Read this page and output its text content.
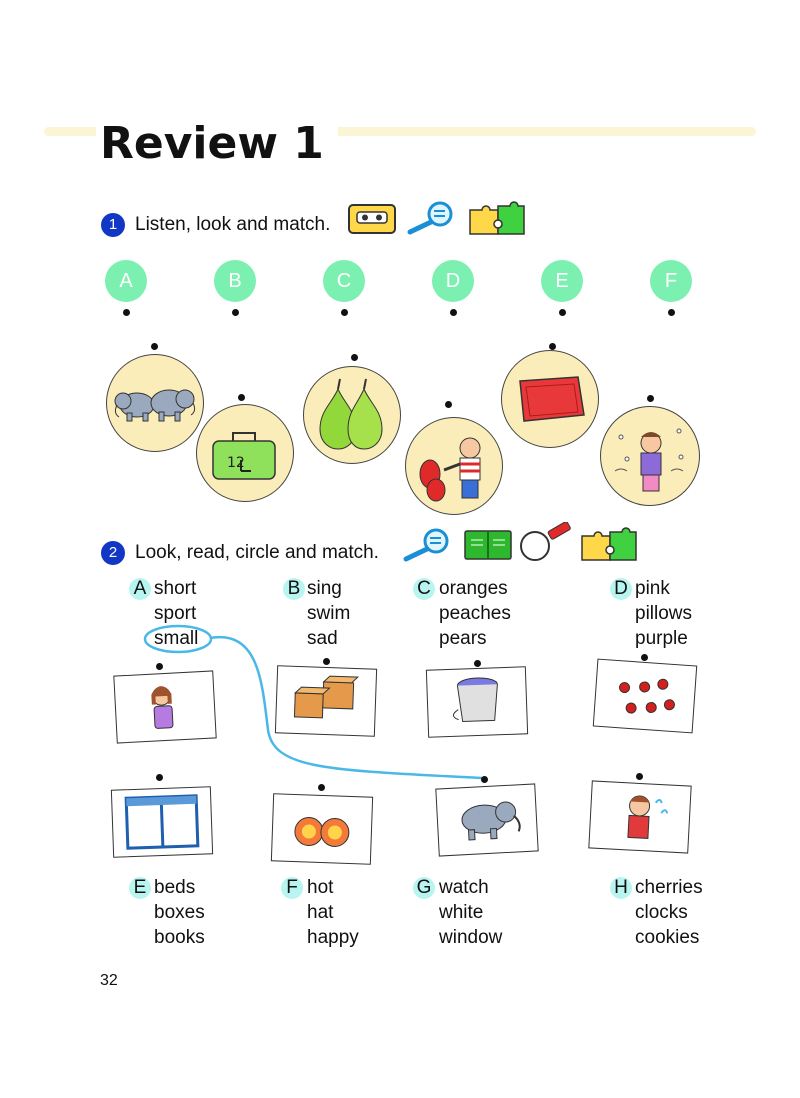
Review 1
1 Listen, look and match.
A	B	C	D	E	F
12
2 Look, read, circle and match.
A short
sport
small
B sing
swim
sad
C oranges
peaches
pears
D pink
pillows
purple
E beds
boxes
books
F hot
hat
happy
G watch
white
window
H cherries
clocks
cookies
32
